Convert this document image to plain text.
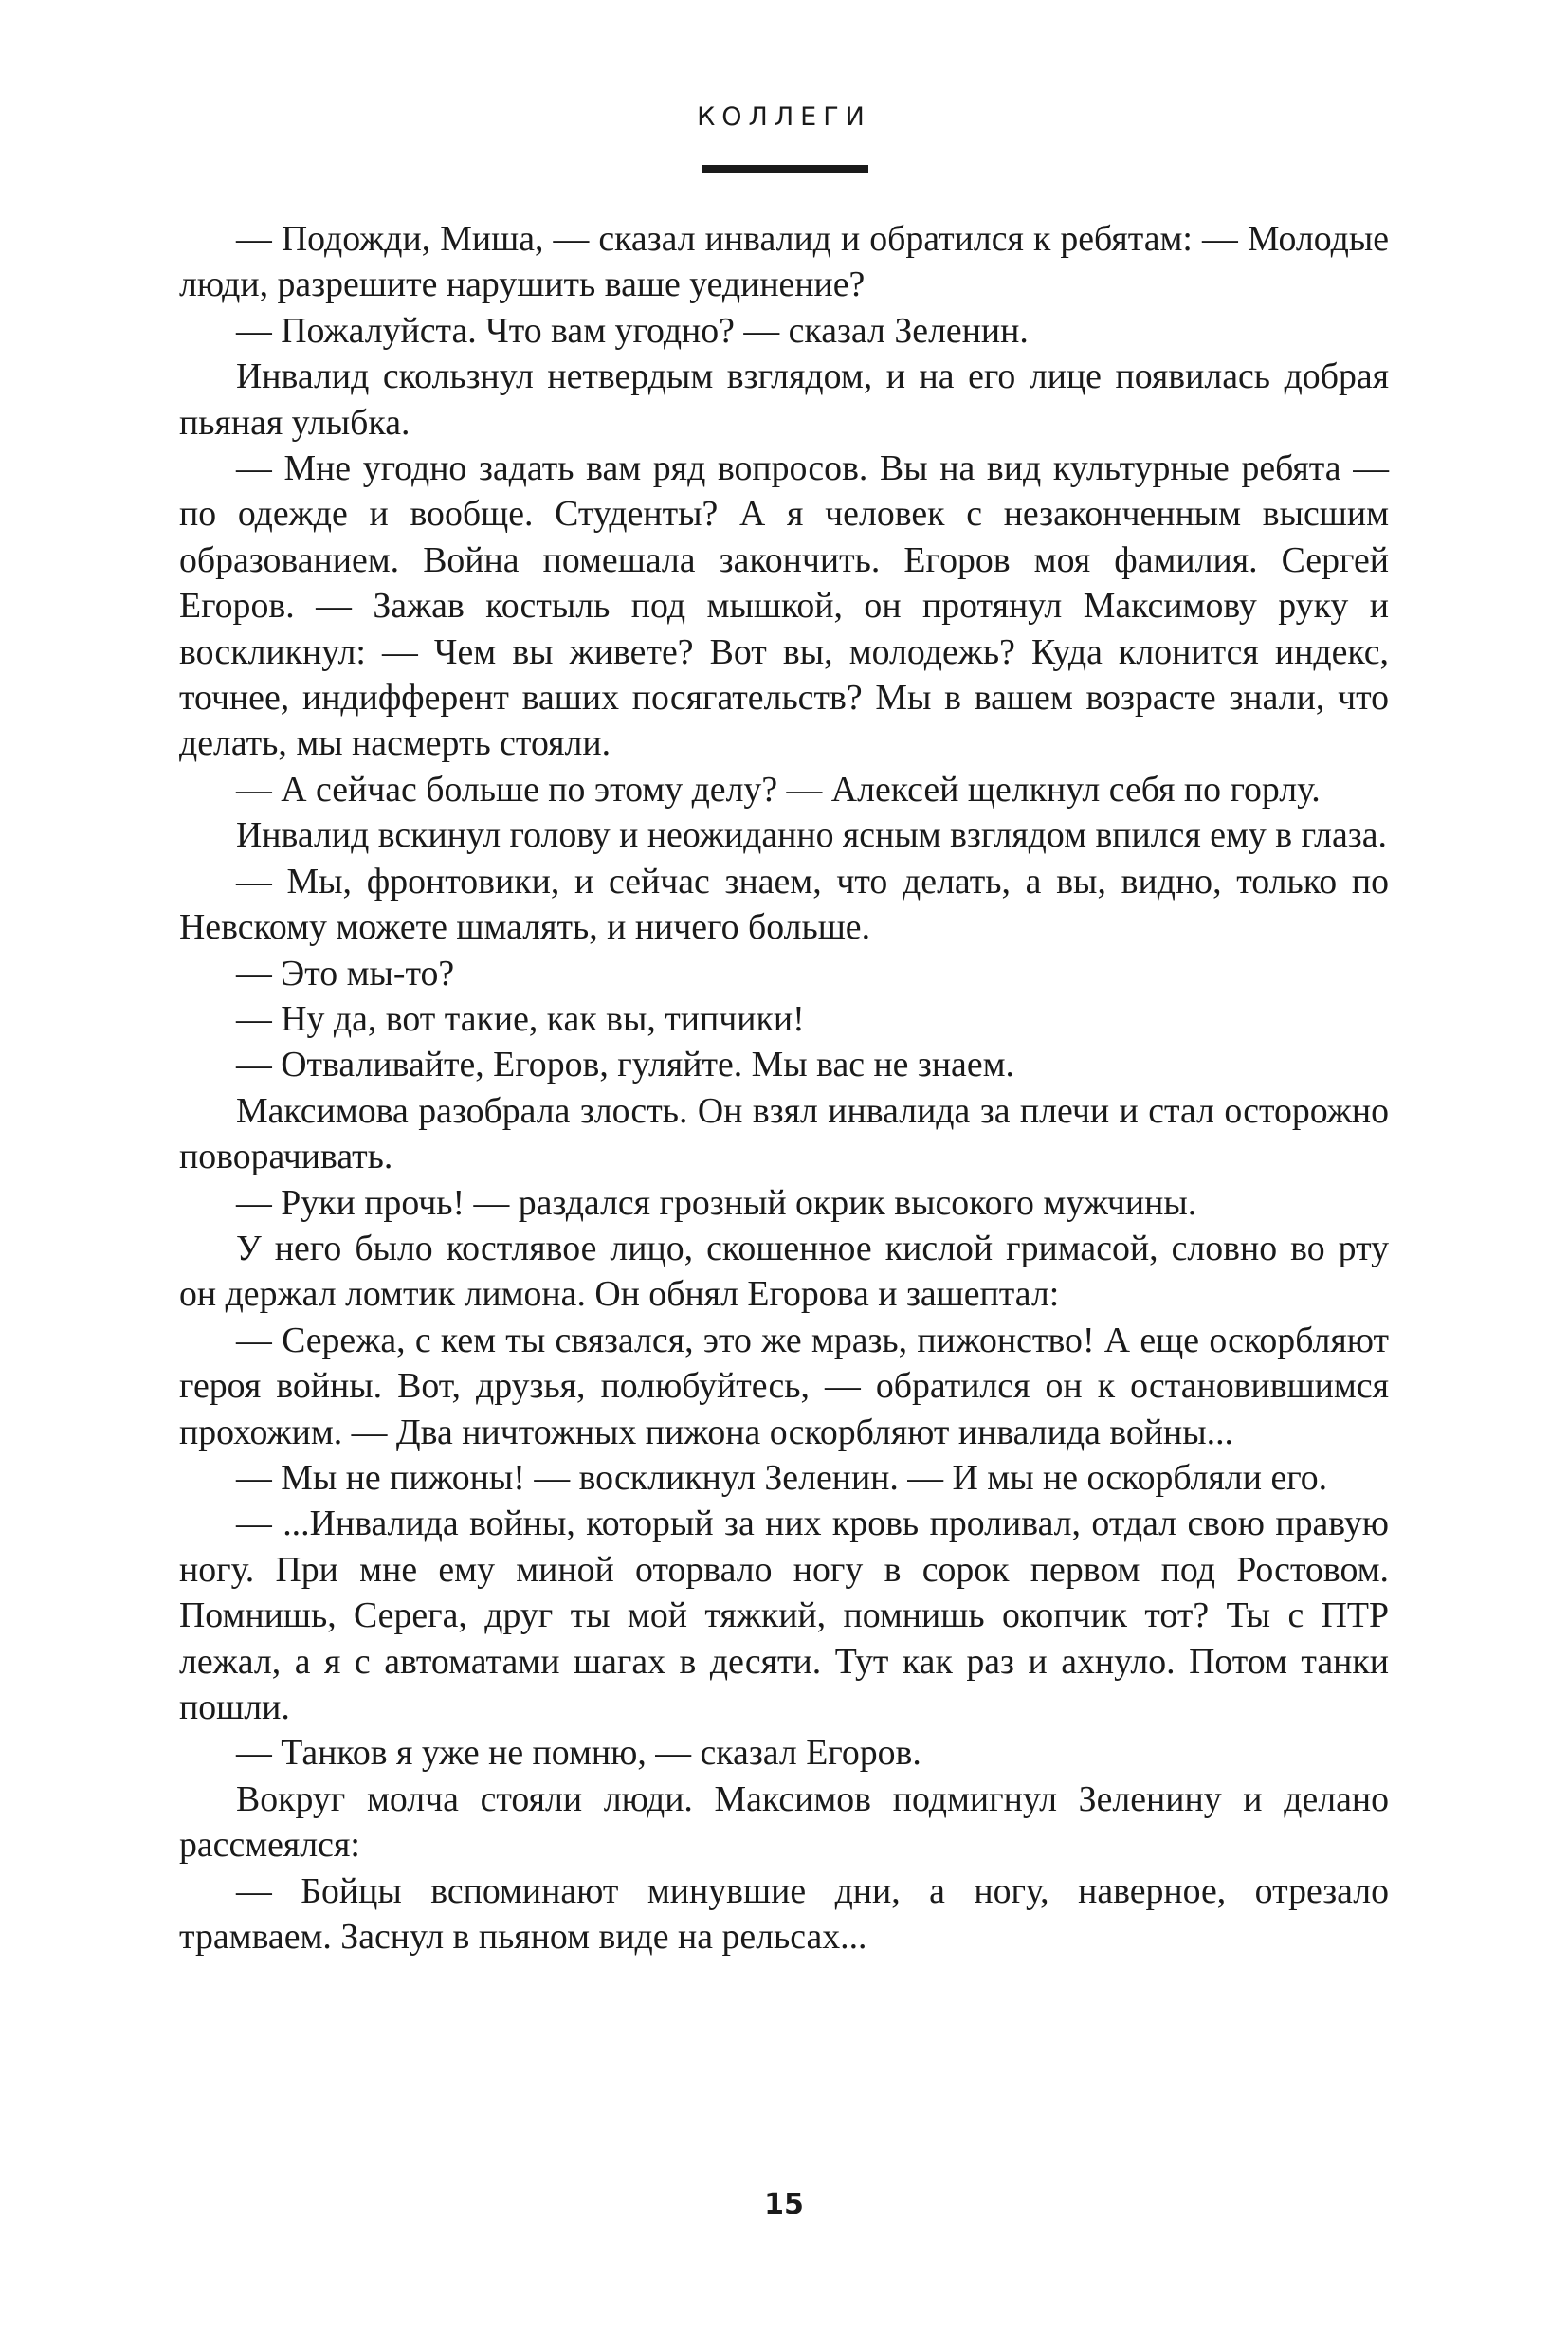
КОЛЛЕГИ

— Подожди, Миша, — сказал инвалид и обратился к ребятам: — Молодые люди, разрешите нарушить ваше уединение?

— Пожалуйста. Что вам угодно? — сказал Зеленин.

Инвалид скользнул нетвердым взглядом, и на его лице появилась добрая пьяная улыбка.

— Мне угодно задать вам ряд вопросов. Вы на вид культурные ребята — по одежде и вообще. Студенты? А я человек с незаконченным высшим образованием. Война помешала закончить. Егоров моя фамилия. Сергей Егоров. — Зажав костыль под мышкой, он протянул Максимову руку и воскликнул: — Чем вы живете? Вот вы, молодежь? Куда клонится индекс, точнее, индифферент ваших посягательств? Мы в вашем возрасте знали, что делать, мы насмерть стояли.

— А сейчас больше по этому делу? — Алексей щелкнул себя по горлу.

Инвалид вскинул голову и неожиданно ясным взглядом впился ему в глаза.

— Мы, фронтовики, и сейчас знаем, что делать, а вы, видно, только по Невскому можете шмалять, и ничего больше.

— Это мы-то?

— Ну да, вот такие, как вы, типчики!

— Отваливайте, Егоров, гуляйте. Мы вас не знаем.

Максимова разобрала злость. Он взял инвалида за плечи и стал осторожно поворачивать.

— Руки прочь! — раздался грозный окрик высокого мужчины.

У него было костлявое лицо, скошенное кислой гримасой, словно во рту он держал ломтик лимона. Он обнял Егорова и зашептал:

— Сережа, с кем ты связался, это же мразь, пижонство! А еще оскорбляют героя войны. Вот, друзья, полюбуйтесь, — обратился он к остановившимся прохожим. — Два ничтожных пижона оскорбляют инвалида войны...

— Мы не пижоны! — воскликнул Зеленин. — И мы не оскорбляли его.

— ...Инвалида войны, который за них кровь проливал, отдал свою правую ногу. При мне ему миной оторвало ногу в сорок первом под Ростовом. Помнишь, Серега, друг ты мой тяжкий, помнишь окопчик тот? Ты с ПТР лежал, а я с автоматами шагах в десяти. Тут как раз и ахнуло. Потом танки пошли.

— Танков я уже не помню, — сказал Егоров.

Вокруг молча стояли люди. Максимов подмигнул Зеленину и делано рассмеялся:

— Бойцы вспоминают минувшие дни, а ногу, наверное, отрезало трамваем. Заснул в пьяном виде на рельсах...

15
